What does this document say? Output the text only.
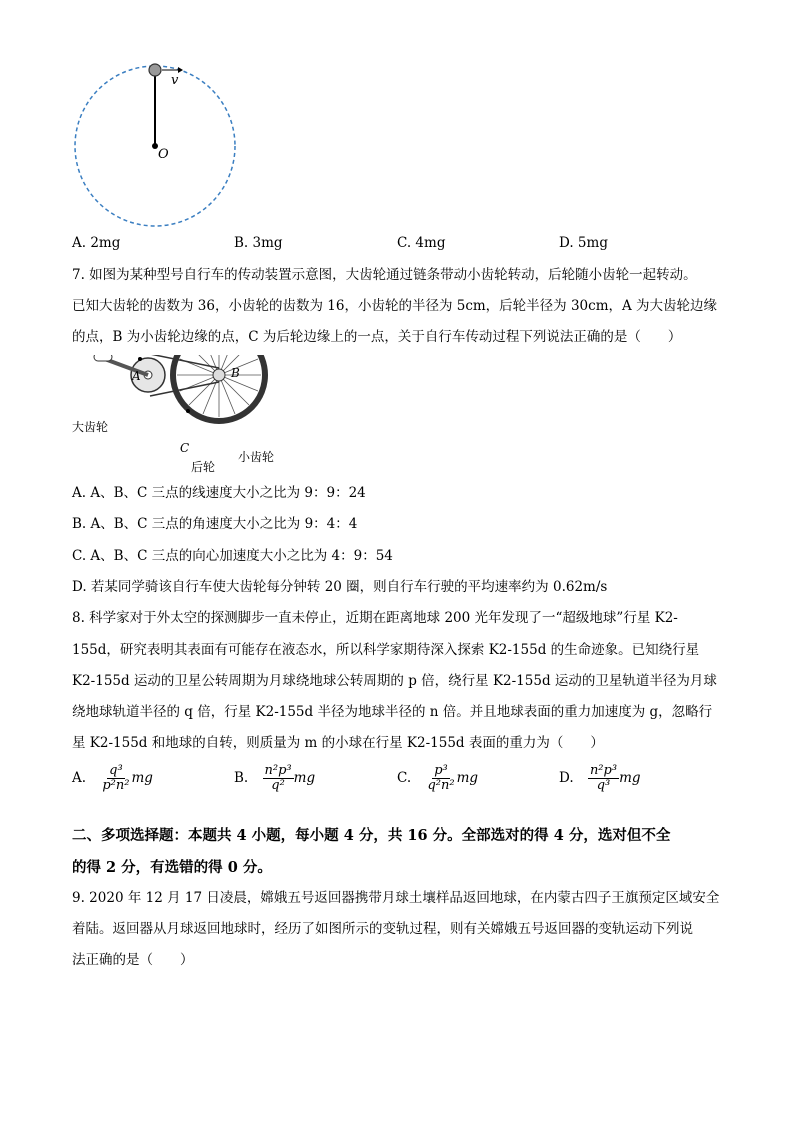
v
O
A. 2mg	B. 3mg	C. 4mg	D. 5mg
7. 如图为某种型号自行车的传动装置示意图，大齿轮通过链条带动小齿轮转动，后轮随小齿轮一起转动。
已知大齿轮的齿数为 36，小齿轮的齿数为 16，小齿轮的半径为 5cm，后轮半径为 30cm，A 为大齿轮边缘
的点，B 为小齿轮边缘的点，C 为后轮边缘上的一点，关于自行车传动过程下列说法正确的是（　　）
A	B
C
大齿轮
后轮
小齿轮
A. A、B、C 三点的线速度大小之比为 9：9：24
B. A、B、C 三点的角速度大小之比为 9：4：4
C. A、B、C 三点的向心加速度大小之比为 4：9：54
D. 若某同学骑该自行车使大齿轮每分钟转 20 圈，则自行车行驶的平均速率约为 0.62m/s
8. 科学家对于外太空的探测脚步一直未停止，近期在距离地球 200 光年发现了一“超级地球”行星 K2-
155d，研究表明其表面有可能存在液态水，所以科学家期待深入探索 K2-155d 的生命迹象。已知绕行星
K2-155d 运动的卫星公转周期为月球绕地球公转周期的 p 倍，绕行星 K2-155d 运动的卫星轨道半径为月球
绕地球轨道半径的 q 倍，行星 K2-155d 半径为地球半径的 n 倍。并且地球表面的重力加速度为 g，忽略行
星 K2-155d 和地球的自转，则质量为 m 的小球在行星 K2-155d 表面的重力为（　　）
A. $\frac{\text{q³}}{\text{p²n²}}$ mg	B. $\frac{\text{n²p³}}{\text{q²}}$ mg	C. $\frac{\text{p³}}{\text{q²n²}}$ mg	D. $\frac{\text{n²p³}}{\text{q³}}$ mg
二、多项选择题：本题共 4 小题，每小题 4 分，共 16 分。全部选对的得 4 分，选对但不全
的得 2 分，有选错的得 0 分。
9. 2020 年 12 月 17 日凌晨，嫦娥五号返回器携带月球土壤样品返回地球，在内蒙古四子王旗预定区域安全
着陆。返回器从月球返回地球时，经历了如图所示的变轨过程，则有关嫦娥五号返回器的变轨运动下列说
法正确的是（　　）
